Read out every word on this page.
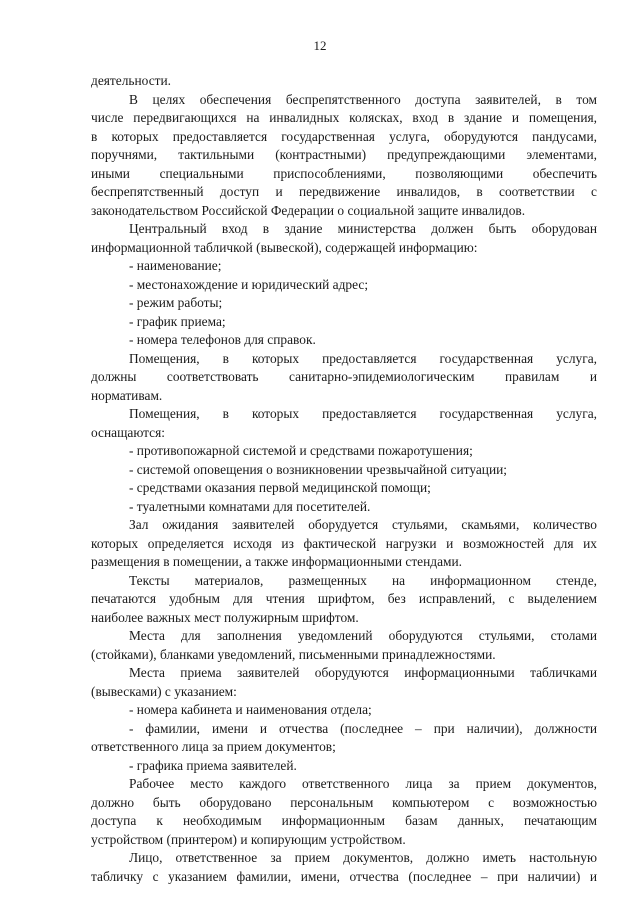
12
деятельности.
В целях обеспечения беспрепятственного доступа заявителей, в том
числе передвигающихся на инвалидных колясках, вход в здание и помещения,
в которых предоставляется государственная услуга, оборудуются пандусами,
поручнями, тактильными (контрастными) предупреждающими элементами,
иными специальными приспособлениями, позволяющими обеспечить
беспрепятственный доступ и передвижение инвалидов, в соответствии с
законодательством Российской Федерации о социальной защите инвалидов.
Центральный вход в здание министерства должен быть оборудован
информационной табличкой (вывеской), содержащей информацию:
- наименование;
- местонахождение и юридический адрес;
- режим работы;
- график приема;
- номера телефонов для справок.
Помещения, в которых предоставляется государственная услуга,
должны соответствовать санитарно-эпидемиологическим правилам и
нормативам.
Помещения, в которых предоставляется государственная услуга,
оснащаются:
- противопожарной системой и средствами пожаротушения;
- системой оповещения о возникновении чрезвычайной ситуации;
- средствами оказания первой медицинской помощи;
- туалетными комнатами для посетителей.
Зал ожидания заявителей оборудуется стульями, скамьями, количество
которых определяется исходя из фактической нагрузки и возможностей для их
размещения в помещении, а также информационными стендами.
Тексты материалов, размещенных на информационном стенде,
печатаются удобным для чтения шрифтом, без исправлений, с выделением
наиболее важных мест полужирным шрифтом.
Места для заполнения уведомлений оборудуются стульями, столами
(стойками), бланками уведомлений, письменными принадлежностями.
Места приема заявителей оборудуются информационными табличками
(вывесками) с указанием:
- номера кабинета и наименования отдела;
- фамилии, имени и отчества (последнее – при наличии), должности
ответственного лица за прием документов;
- графика приема заявителей.
Рабочее место каждого ответственного лица за прием документов,
должно быть оборудовано персональным компьютером с возможностью
доступа к необходимым информационным базам данных, печатающим
устройством (принтером) и копирующим устройством.
Лицо, ответственное за прием документов, должно иметь настольную
табличку с указанием фамилии, имени, отчества (последнее – при наличии) и
